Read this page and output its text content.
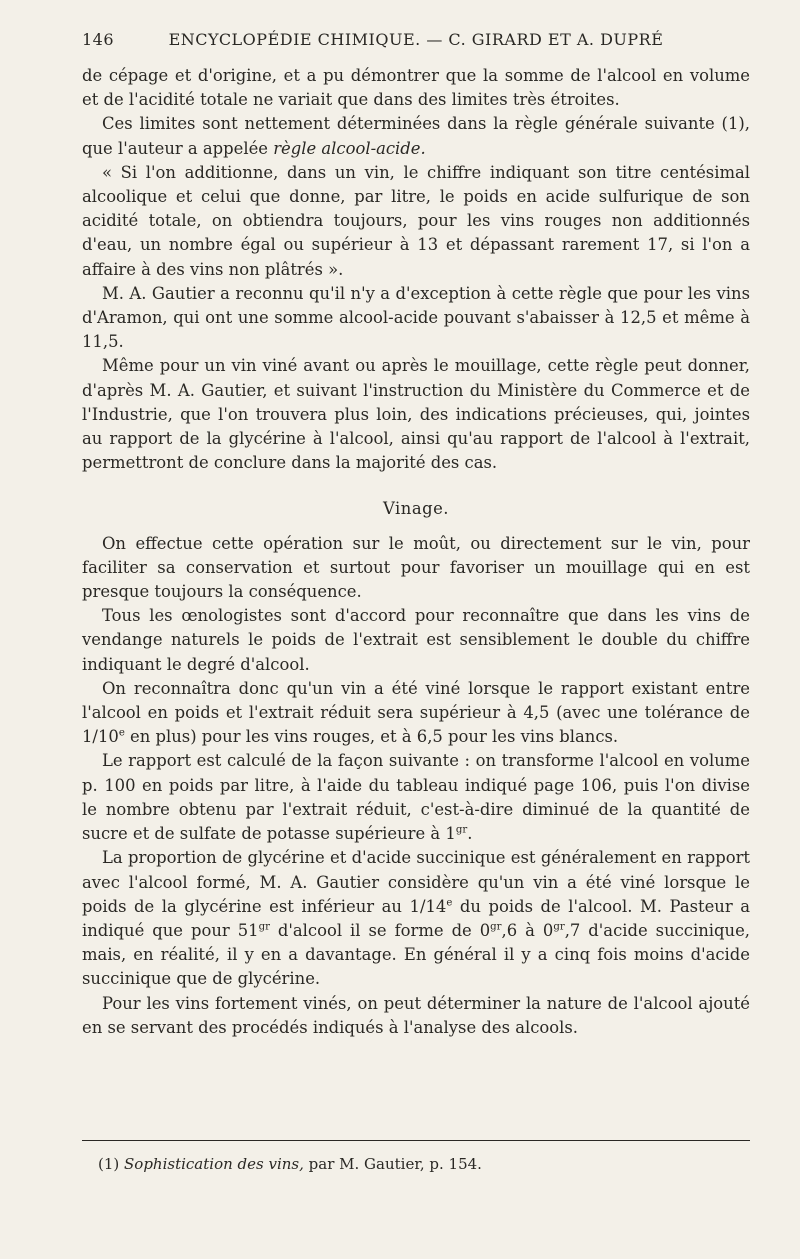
146	ENCYCLOPÉDIE CHIMIQUE. — C. GIRARD ET A. DUPRÉ

de cépage et d'origine, et a pu démontrer que la somme de l'alcool en volume et de l'acidité totale ne variait que dans des limites très étroites.

Ces limites sont nettement déterminées dans la règle générale suivante (1), que l'auteur a appelée règle alcool-acide.

« Si l'on additionne, dans un vin, le chiffre indiquant son titre centésimal alcoolique et celui que donne, par litre, le poids en acide sulfurique de son acidité totale, on obtiendra toujours, pour les vins rouges non additionnés d'eau, un nombre égal ou supérieur à 13 et dépassant rarement 17, si l'on a affaire à des vins non plâtrés ».

M. A. Gautier a reconnu qu'il n'y a d'exception à cette règle que pour les vins d'Aramon, qui ont une somme alcool-acide pouvant s'abaisser à 12,5 et même à 11,5.

Même pour un vin viné avant ou après le mouillage, cette règle peut donner, d'après M. A. Gautier, et suivant l'instruction du Ministère du Commerce et de l'Industrie, que l'on trouvera plus loin, des indications précieuses, qui, jointes au rapport de la glycérine à l'alcool, ainsi qu'au rapport de l'alcool à l'extrait, permettront de conclure dans la majorité des cas.

Vinage.

On effectue cette opération sur le moût, ou directement sur le vin, pour faciliter sa conservation et surtout pour favoriser un mouillage qui en est presque toujours la conséquence.

Tous les œnologistes sont d'accord pour reconnaître que dans les vins de vendange naturels le poids de l'extrait est sensiblement le double du chiffre indiquant le degré d'alcool.

On reconnaîtra donc qu'un vin a été viné lorsque le rapport existant entre l'alcool en poids et l'extrait réduit sera supérieur à 4,5 (avec une tolérance de 1/10e en plus) pour les vins rouges, et à 6,5 pour les vins blancs.

Le rapport est calculé de la façon suivante : on transforme l'alcool en volume p. 100 en poids par litre, à l'aide du tableau indiqué page 106, puis l'on divise le nombre obtenu par l'extrait réduit, c'est-à-dire diminué de la quantité de sucre et de sulfate de potasse supérieure à $1^{gr}$.

La proportion de glycérine et d'acide succinique est généralement en rapport avec l'alcool formé, M. A. Gautier considère qu'un vin a été viné lorsque le poids de la glycérine est inférieur au 1/14e du poids de l'alcool. M. Pasteur a indiqué que pour $51^{gr}$ d'alcool il se forme de $0^{gr},6$ à $0^{gr},7$ d'acide succinique, mais, en réalité, il y en a davantage. En général il y a cinq fois moins d'acide succinique que de glycérine.

Pour les vins fortement vinés, on peut déterminer la nature de l'alcool ajouté en se servant des procédés indiqués à l'analyse des alcools.

(1) Sophistication des vins, par M. Gautier, p. 154.
